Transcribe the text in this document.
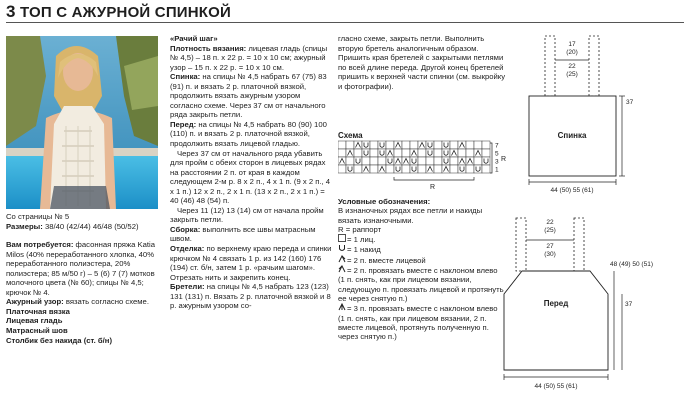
3 ТОП С АЖУРНОЙ СПИНКОЙ

Со страницы № 5

Размеры: 38/40 (42/44) 46/48 (50/52)

Вам потребуется: фасонная пряжа Katia Milos (40% переработанного хлопка, 40% переработанного полиэстера, 20% полиэстера; 85 м/50 г) – 5 (6) 7 (7) мотков молочного цвета (№ 60); спицы № 4,5; крючок № 4.

Ажурный узор: вязать согласно схеме.

Платочная вязка

Лицевая гладь

Матрасный шов

Столбик без накида (ст. б/н)

«Рачий шаг»

Плотность вязания: лицевая гладь (спицы № 4,5) – 18 п. х 22 р. = 10 х 10 см; ажурный узор – 15 п. х 22 р. = 10 х 10 см.

Спинка: на спицы № 4,5 набрать 67 (75) 83 (91) п. и вязать 2 р. платочной вязкой, продолжить вязать ажурным узором согласно схеме. Через 37 см от начального ряда закрыть петли.

Перед: на спицы № 4,5 набрать 80 (90) 100 (110) п. и вязать 2 р. платочной вязкой, продолжить вязать лицевой гладью.

Через 37 см от начального ряда убавить для пройм с обеих сторон в лицевых рядах на расстоянии 2 п. от края в каждом следующем 2-м р. 8 х 2 п., 4 х 1 п. (9 х 2 п., 4 х 1 п.) 12 х 2 п., 2 х 1 п. (13 х 2 п., 2 х 1 п.) = 40 (46) 48 (54) п.

Через 11 (12) 13 (14) см от начала пройм закрыть петли.

Сборка: выполнить все швы матрасным швом.

Отделка: по верхнему краю переда и спинки крючком № 4 связать 1 р. из 142 (160) 176 (194) ст. б/н, затем 1 р. «рачьим шагом». Отрезать нить и закрепить конец.

Бретели: на спицы № 4,5 набрать 123 (123) 131 (131) п. Вязать 2 р. платочной вязкой и 8 р. ажурным узором со-

гласно схеме, закрыть петли. Выполнить вторую бретель аналогичным образом. Пришить края бретелей с закрытыми петлями по всей длине переда. Другой конец бретелей пришить к верхней части спинки (см. выкройку и фотографии).

Схема
7
5
3
1
R
R

Условные обозначения:

В изнаночных рядах все петли и накиды вязать изнаночными.

R = раппорт

= 1 лиц.

= 1 накид

= 2 п. вместе лицевой

= 2 п. провязать вместе с наклоном влево (1 п. снять, как при лицевом вязании, следующую п. провязать лицевой и протянуть ее через снятую п.)

= 3 п. провязать вместе с наклоном влево (1 п. снять, как при лицевом вязании, 2 п. вместе лицевой, протянуть полученную п. через снятую п.)

17
(20)
22
(25)
Спинка
37
44 (50) 55 (61)
22
(25)
27
(30)
Перед
48 (49) 50 (51)
37
44 (50) 55 (61)
